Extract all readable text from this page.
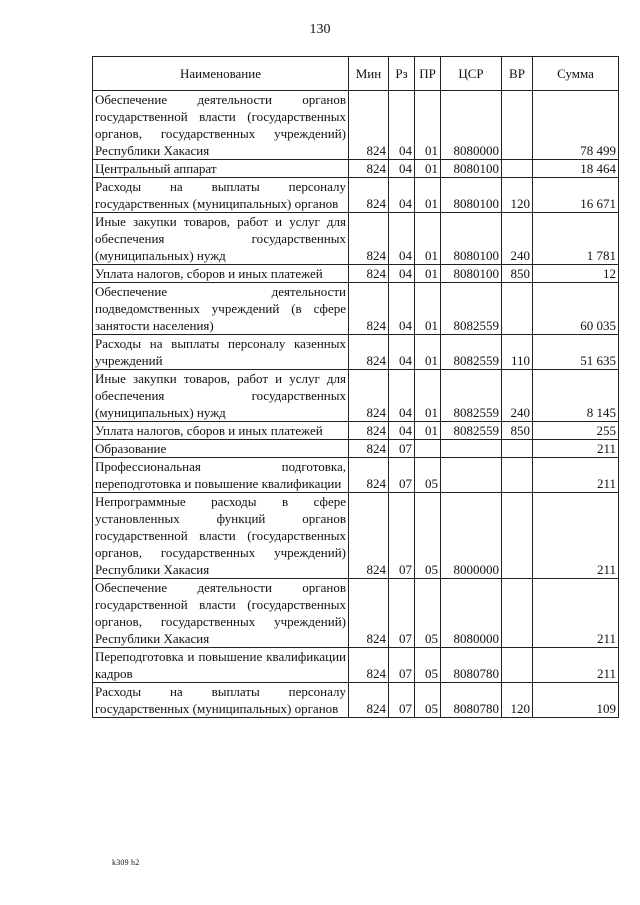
130
Наименование	Мин	Рз	ПР	ЦСР	ВР	Сумма
Обеспечение деятельности органов государственной власти (государственных органов, государственных учреждений) Республики Хакасия	824	04	01	8080000		78 499
Центральный аппарат	824	04	01	8080100		18 464
Расходы на выплаты персоналу государственных (муниципальных) органов	824	04	01	8080100	120	16 671
Иные закупки товаров, работ и услуг для обеспечения государственных (муниципальных) нужд	824	04	01	8080100	240	1 781
Уплата налогов, сборов и иных платежей	824	04	01	8080100	850	12
Обеспечение деятельности подведомственных учреждений (в сфере занятости населения)	824	04	01	8082559		60 035
Расходы на выплаты персоналу казенных учреждений	824	04	01	8082559	110	51 635
Иные закупки товаров, работ и услуг для обеспечения государственных (муниципальных) нужд	824	04	01	8082559	240	8 145
Уплата налогов, сборов и иных платежей	824	04	01	8082559	850	255
Образование	824	07				211
Профессиональная подготовка, переподготовка и повышение квалификации	824	07	05			211
Непрограммные расходы в сфере установленных функций органов государственной власти (государственных органов, государственных учреждений) Республики Хакасия	824	07	05	8000000		211
Обеспечение деятельности органов государственной власти (государственных органов, государственных учреждений) Республики Хакасия	824	07	05	8080000		211
Переподготовка и повышение квалификации кадров	824	07	05	8080780		211
Расходы на выплаты персоналу государственных (муниципальных) органов	824	07	05	8080780	120	109
k309 h2
